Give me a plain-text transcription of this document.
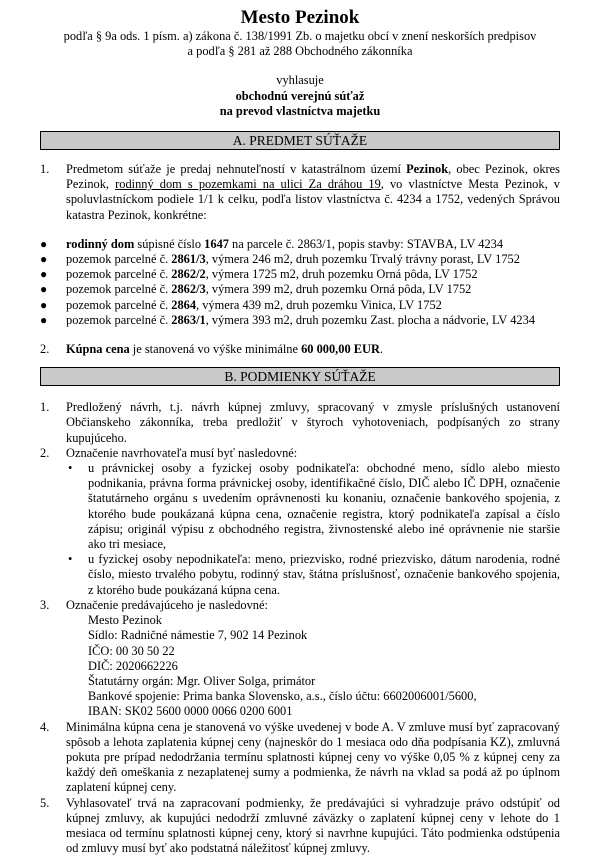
Mesto Pezinok
podľa § 9a ods. 1 písm. a) zákona č. 138/1991 Zb. o majetku obcí v znení neskorších predpisov
a podľa § 281 až 288 Obchodného zákonníka
vyhlasuje
obchodnú verejnú súťaž
na prevod vlastníctva majetku
A. PREDMET SÚŤAŽE
1.	Predmetom súťaže je predaj nehnuteľností v katastrálnom území Pezinok, obec Pezinok, okres Pezinok, rodinný dom s pozemkami na ulici Za dráhou 19, vo vlastníctve Mesta Pezinok, v spoluvlastníckom podiele 1/1 k celku, podľa listov vlastníctva č. 4234 a 1752, vedených Správou katastra Pezinok, konkrétne:
●	rodinný dom súpisné číslo 1647 na parcele č. 2863/1, popis stavby: STAVBA, LV 4234
●	pozemok parcelné č. 2861/3, výmera 246 m2, druh pozemku Trvalý trávny porast, LV 1752
●	pozemok parcelné č. 2862/2, výmera 1725 m2, druh pozemku Orná pôda, LV 1752
●	pozemok parcelné č. 2862/3, výmera 399 m2, druh pozemku Orná pôda, LV 1752
●	pozemok parcelné č. 2864, výmera 439 m2, druh pozemku Vinica, LV 1752
●	pozemok parcelné č. 2863/1, výmera 393 m2, druh pozemku Zast. plocha a nádvorie, LV 4234
2.	Kúpna cena je stanovená vo výške minimálne 60 000,00 EUR.
B. PODMIENKY SÚŤAŽE
1.	Predložený návrh, t.j. návrh kúpnej zmluvy, spracovaný v zmysle príslušných ustanovení Občianskeho zákonníka, treba predložiť v štyroch vyhotoveniach, podpísaných zo strany kupujúceho.
2.	Označenie navrhovateľa musí byť nasledovné:
•	u právnickej osoby a fyzickej osoby podnikateľa: obchodné meno, sídlo alebo miesto podnikania, právna forma právnickej osoby, identifikačné číslo, DIČ alebo IČ DPH, označenie štatutárneho orgánu s uvedením oprávnenosti ku konaniu, označenie bankového spojenia, z ktorého bude poukázaná kúpna cena, označenie registra, ktorý podnikateľa zapísal a číslo zápisu; originál výpisu z obchodného registra, živnostenské alebo iné oprávnenie nie staršie ako tri mesiace,
•	u fyzickej osoby nepodnikateľa: meno, priezvisko, rodné priezvisko, dátum narodenia, rodné číslo, miesto trvalého pobytu, rodinný stav, štátna príslušnosť, označenie bankového spojenia, z ktorého bude poukázaná kúpna cena.
3.	Označenie predávajúceho je nasledovné:
Mesto Pezinok
Sídlo: Radničné námestie 7, 902 14 Pezinok
IČO: 00 30 50 22
DIČ: 2020662226
Štatutárny orgán: Mgr. Oliver Solga, primátor
Bankové spojenie: Prima banka Slovensko, a.s., číslo účtu: 6602006001/5600,
IBAN: SK02 5600 0000 0066 0200 6001
4.	Minimálna kúpna cena je stanovená vo výške uvedenej v bode A. V zmluve musí byť zapracovaný spôsob a lehota zaplatenia kúpnej ceny (najneskôr do 1 mesiaca odo dňa podpísania KZ), zmluvná pokuta pre prípad nedodržania termínu splatnosti kúpnej ceny vo výške 0,05 % z kúpnej ceny za každý deň omeškania z nezaplatenej sumy a podmienka, že návrh na vklad sa podá až po úplnom zaplatení kúpnej ceny.
5.	Vyhlasovateľ trvá na zapracovaní podmienky, že predávajúci si vyhradzuje právo odstúpiť od kúpnej zmluvy, ak kupujúci nedodrží zmluvné záväzky o zaplatení kúpnej ceny v lehote do 1 mesiaca od termínu splatnosti kúpnej ceny, ktorý si navrhne kupujúci. Táto podmienka odstúpenia od zmluvy musí byť ako podstatná náležitosť kúpnej zmluvy.
